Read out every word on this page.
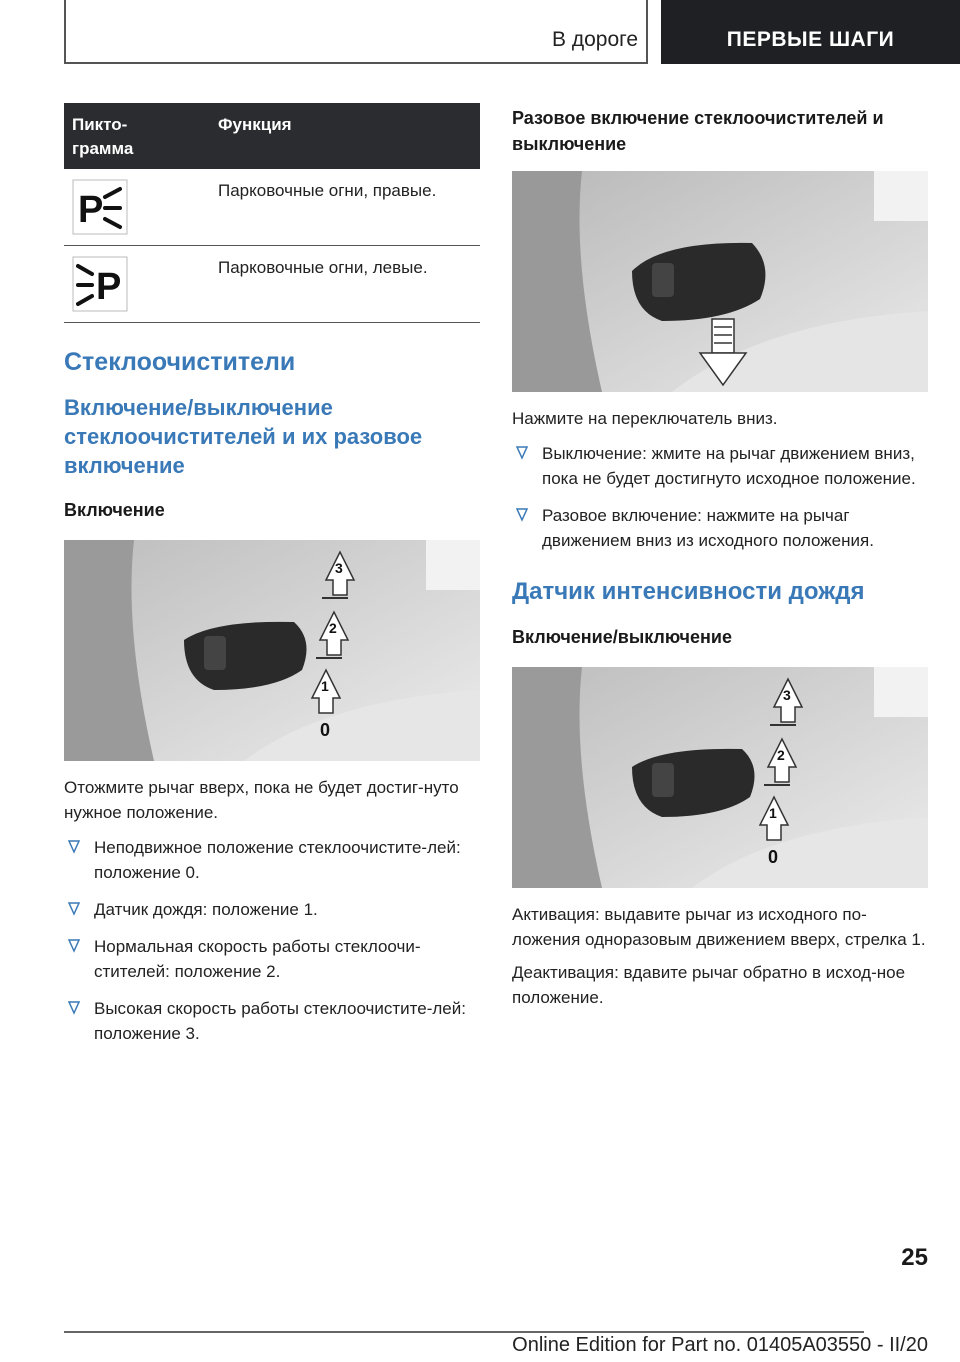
В дороге	ПЕРВЫЕ ШАГИ
Пикто-
грамма	Функция

P	Парковочные огни, правые.

P	Парковочные огни, левые.
Стеклоочистители
Включение/выключение стеклоочистителей и их разовое включение
Включение
3
2
1
0

Отожмите рычаг вверх, пока не будет достиг-нуто нужное положение.

Неподвижное положение стеклоочистите-лей: положение 0.
Датчик дождя: положение 1.
Нормальная скорость работы стеклоочи-стителей: положение 2.
Высокая скорость работы стеклоочистите-лей: положение 3.
Разовое включение стеклоочистителей и выключение

Нажмите на переключатель вниз.

Выключение: жмите на рычаг движением вниз, пока не будет достигнуто исходное положение.
Разовое включение: нажмите на рычаг движением вниз из исходного положения.
Датчик интенсивности дождя
Включение/выключение
3
2
1
0

Активация: выдавите рычаг из исходного по-ложения одноразовым движением вверх, стрелка 1.

Деактивация: вдавите рычаг обратно в исход-ное положение.

25
Online Edition for Part no. 01405A03550 - II/20
